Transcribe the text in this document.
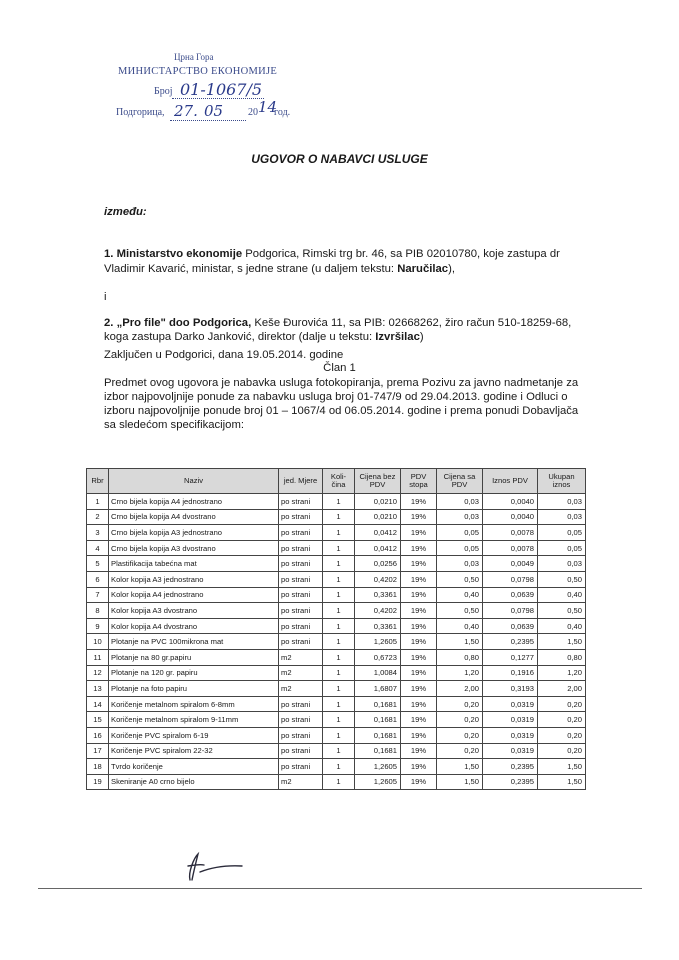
Црна Гора
МИНИСТАРСТВО ЕКОНОМИЈЕ
Број 01-1067/5
Подгорица, 27. 05 20 14
год.
UGOVOR O NABAVCI USLUGE
između:
1. Ministarstvo ekonomije Podgorica, Rimski trg br. 46, sa PIB 02010780, koje zastupa dr
Vladimir Kavarić, ministar, s jedne strane (u daljem tekstu: Naručilac),
i
2. „Pro file" doo Podgorica, Keše Đurovića 11, sa PIB: 02668262, žiro račun 510-18259-68,
koga zastupa Darko Janković, direktor (dalje u tekstu: Izvršilac)
Zaključen u Podgorici, dana 19.05.2014. godine
Član 1
Predmet ovog ugovora je nabavka usluga fotokopiranja, prema Pozivu za javno nadmetanje za
izbor najpovoljnije ponude za nabavku usluga broj 01-747/9 od 29.04.2013. godine i Odluci o
izboru najpovoljnije ponude broj 01 – 1067/4 od 06.05.2014. godine i prema ponudi Dobavljača
sa sledećom specifikacijom:
Rbr	Naziv	jed. Mjere	Koli-čina	Cijena bez PDV	PDV stopa	Cijena sa PDV	Iznos PDV	Ukupan iznos
1	Crno bijela kopija A4 jednostrano	po strani	1	0,0210	19%	0,03	0,0040	0,03
2	Crno bijela kopija A4 dvostrano	po strani	1	0,0210	19%	0,03	0,0040	0,03
3	Crno bijela kopija A3 jednostrano	po strani	1	0,0412	19%	0,05	0,0078	0,05
4	Crno bijela kopija A3 dvostrano	po strani	1	0,0412	19%	0,05	0,0078	0,05
5	Plastifikacija tabećna mat	po strani	1	0,0256	19%	0,03	0,0049	0,03
6	Kolor kopija A3 jednostrano	po strani	1	0,4202	19%	0,50	0,0798	0,50
7	Kolor kopija A4 jednostrano	po strani	1	0,3361	19%	0,40	0,0639	0,40
8	Kolor kopija A3 dvostrano	po strani	1	0,4202	19%	0,50	0,0798	0,50
9	Kolor kopija A4 dvostrano	po strani	1	0,3361	19%	0,40	0,0639	0,40
10	Plotanje na PVC 100mikrona mat	po strani	1	1,2605	19%	1,50	0,2395	1,50
11	Plotanje na 80 gr.papiru	m2	1	0,6723	19%	0,80	0,1277	0,80
12	Plotanje na 120 gr. papiru	m2	1	1,0084	19%	1,20	0,1916	1,20
13	Plotanje na foto papiru	m2	1	1,6807	19%	2,00	0,3193	2,00
14	Koričenje metalnom spiralom 6-8mm	po strani	1	0,1681	19%	0,20	0,0319	0,20
15	Koričenje metalnom spiralom 9-11mm	po strani	1	0,1681	19%	0,20	0,0319	0,20
16	Koričenje PVC spiralom 6-19	po strani	1	0,1681	19%	0,20	0,0319	0,20
17	Koričenje PVC spiralom 22-32	po strani	1	0,1681	19%	0,20	0,0319	0,20
18	Tvrdo koričenje	po strani	1	1,2605	19%	1,50	0,2395	1,50
19	Skeniranje A0 crno bijelo	m2	1	1,2605	19%	1,50	0,2395	1,50
